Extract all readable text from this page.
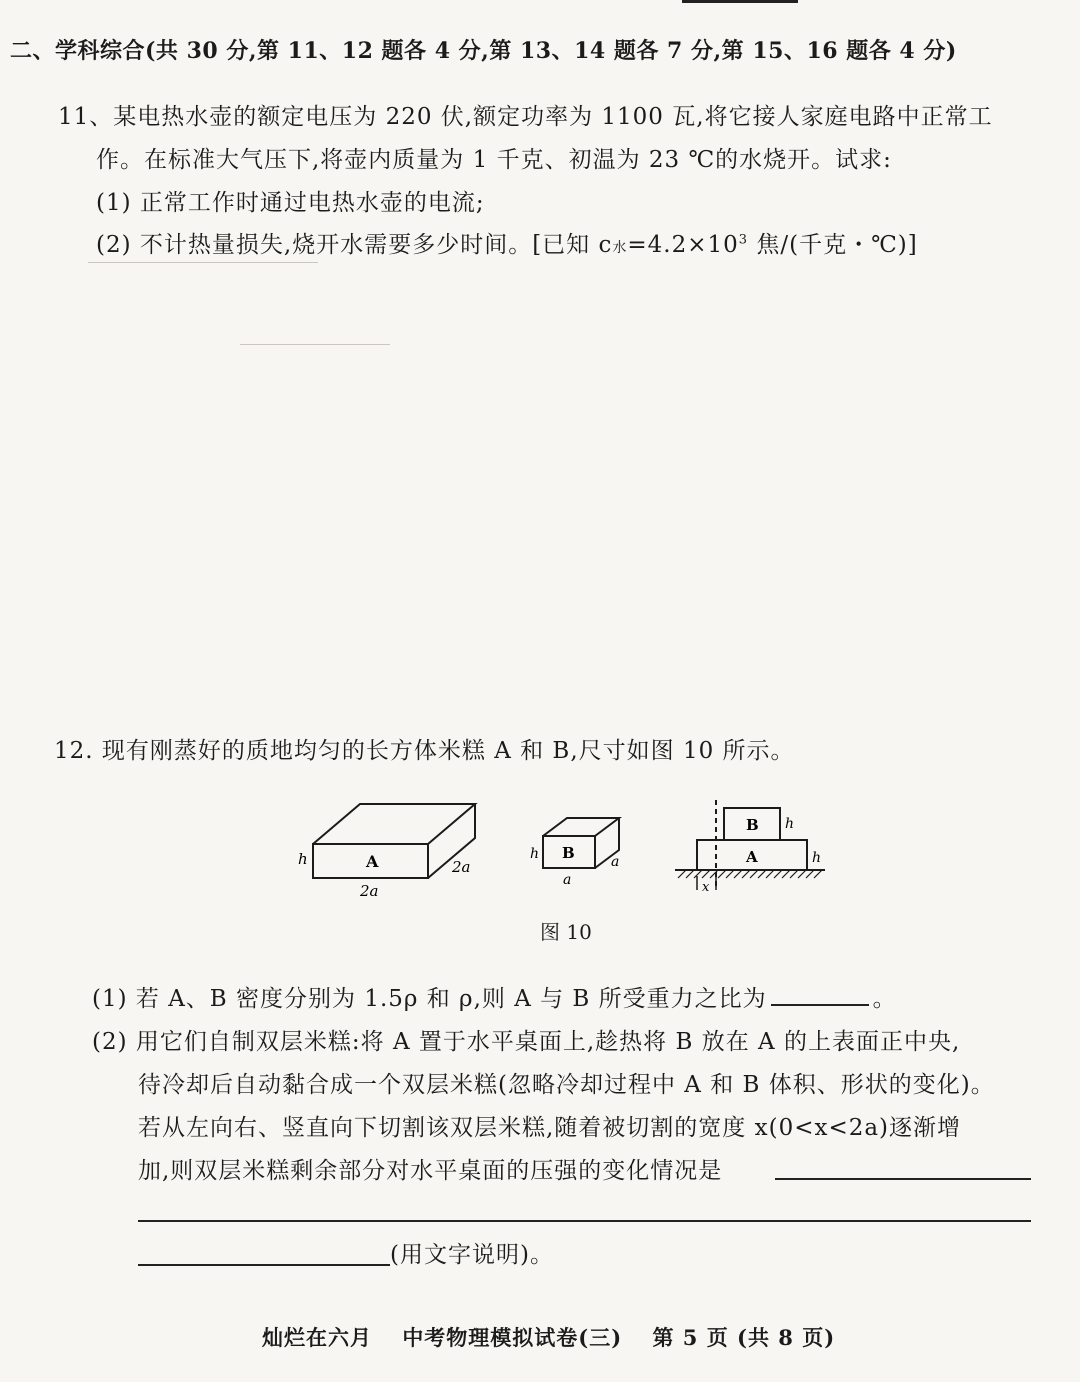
二、学科综合(共 30 分,第 11、12 题各 4 分,第 13、14 题各 7 分,第 15、16 题各 4 分)
11、某电热水壶的额定电压为 220 伏,额定功率为 1100 瓦,将它接人家庭电路中正常工
作。在标准大气压下,将壶内质量为 1 千克、初温为 23 ℃的水烧开。试求:
(1) 正常工作时通过电热水壶的电流;
(2) 不计热量损失,烧开水需要多少时间。[已知 c水$=4.2\times 10^3$ 焦/(千克・℃)]
12. 现有刚蒸好的质地均匀的长方体米糕 A 和 B,尺寸如图 10 所示。
A
h	2a
2a
B
h	a
a
B
A
h
h
x
图 10
(1) 若 A、B 密度分别为 1.5ρ 和 ρ,则 A 与 B 所受重力之比为	。
(2) 用它们自制双层米糕:将 A 置于水平桌面上,趁热将 B 放在 A 的上表面正中央,
待冷却后自动黏合成一个双层米糕(忽略冷却过程中 A 和 B 体积、形状的变化)。
若从左向右、竖直向下切割该双层米糕,随着被切割的宽度 x(0<x<2a)逐渐增
加,则双层米糕剩余部分对水平桌面的压强的变化情况是
(用文字说明)。
灿烂在六月 中考物理模拟试卷(三) 第 5 页 (共 8 页)
